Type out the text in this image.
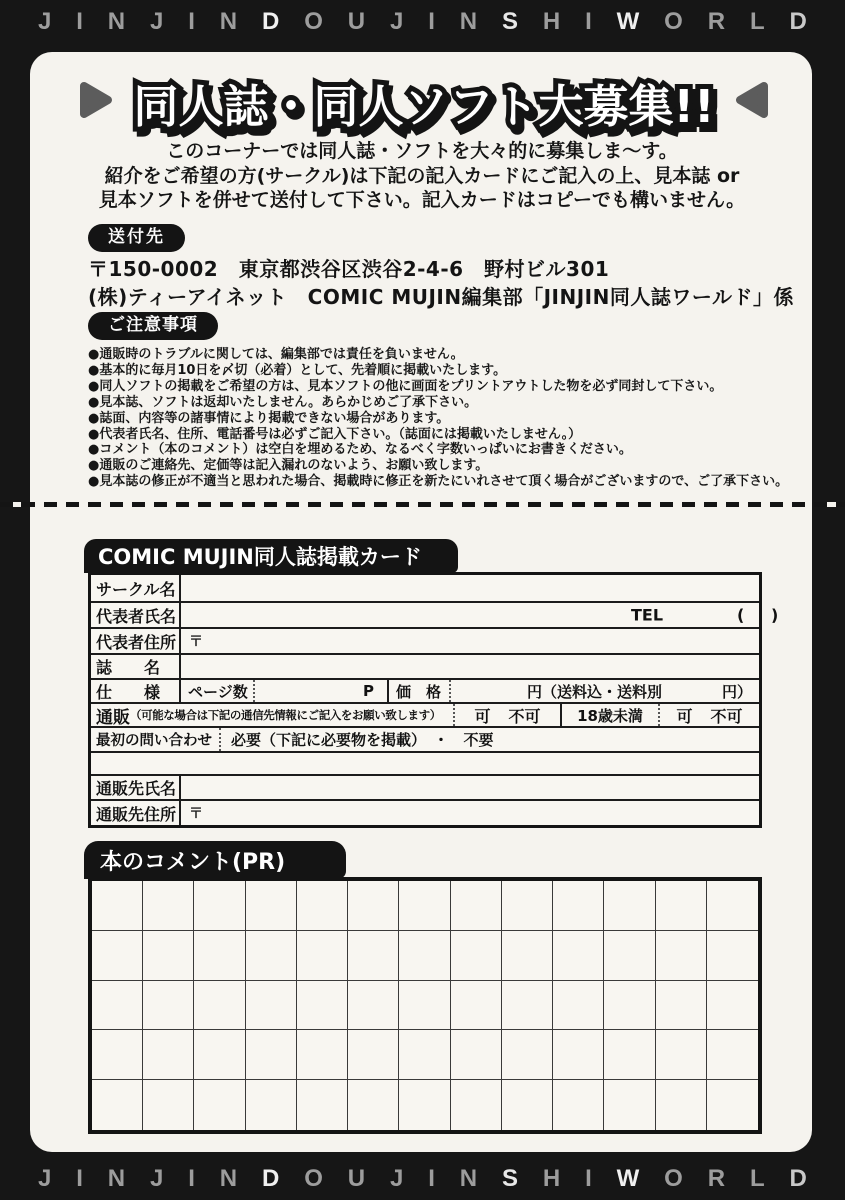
J I N J I N D O U J I N S H I W O R L D
同人誌・同人ソフト大募集!! 同人誌・同人ソフト大募集!! 同人誌・同人ソフト大募集!!
このコーナーでは同人誌・ソフトを大々的に募集しま～す。
紹介をご希望の方(サークル)は下記の記入カードにご記入の上、見本誌 or
見本ソフトを併せて送付して下さい。記入カードはコピーでも構いません。
送付先
〒150-0002　東京都渋谷区渋谷2-4-6　野村ビル301
(株)ティーアイネット　COMIC MUJIN編集部「JINJIN同人誌ワールド」係
ご注意事項
●通販時のトラブルに関しては、編集部では責任を負いません。
●基本的に毎月10日を〆切（必着）として、先着順に掲載いたします。
●同人ソフトの掲載をご希望の方は、見本ソフトの他に画面をプリントアウトした物を必ず同封して下さい。
●見本誌、ソフトは返却いたしません。あらかじめご了承下さい。
●誌面、内容等の諸事情により掲載できない場合があります。
●代表者氏名、住所、電話番号は必ずご記入下さい。（誌面には掲載いたしません。）
●コメント（本のコメント）は空白を埋めるため、なるべく字数いっぱいにお書きください。
●通販のご連絡先、定価等は記入漏れのないよう、お願い致します。
●見本誌の修正が不適当と思われた場合、掲載時に修正を新たにいれさせて頂く場合がございますので、ご了承下さい。
COMIC MUJIN同人誌掲載カード
サークル名
代表者氏名	TEL	( )
代表者住所 〒
誌　　名
仕　　様	ページ数	P	価　格	円（送料込・送料別	円）
通販 （可能な場合は下記の通信先情報にご記入をお願い致します） 可 不可 18歳未満 可 不可
最初の問い合わせ	必要（下記に必要物を掲載）　・　不要
通販先氏名
通販先住所 〒
本のコメント(PR)
J I N J I N D O U J I N S H I W O R L D
